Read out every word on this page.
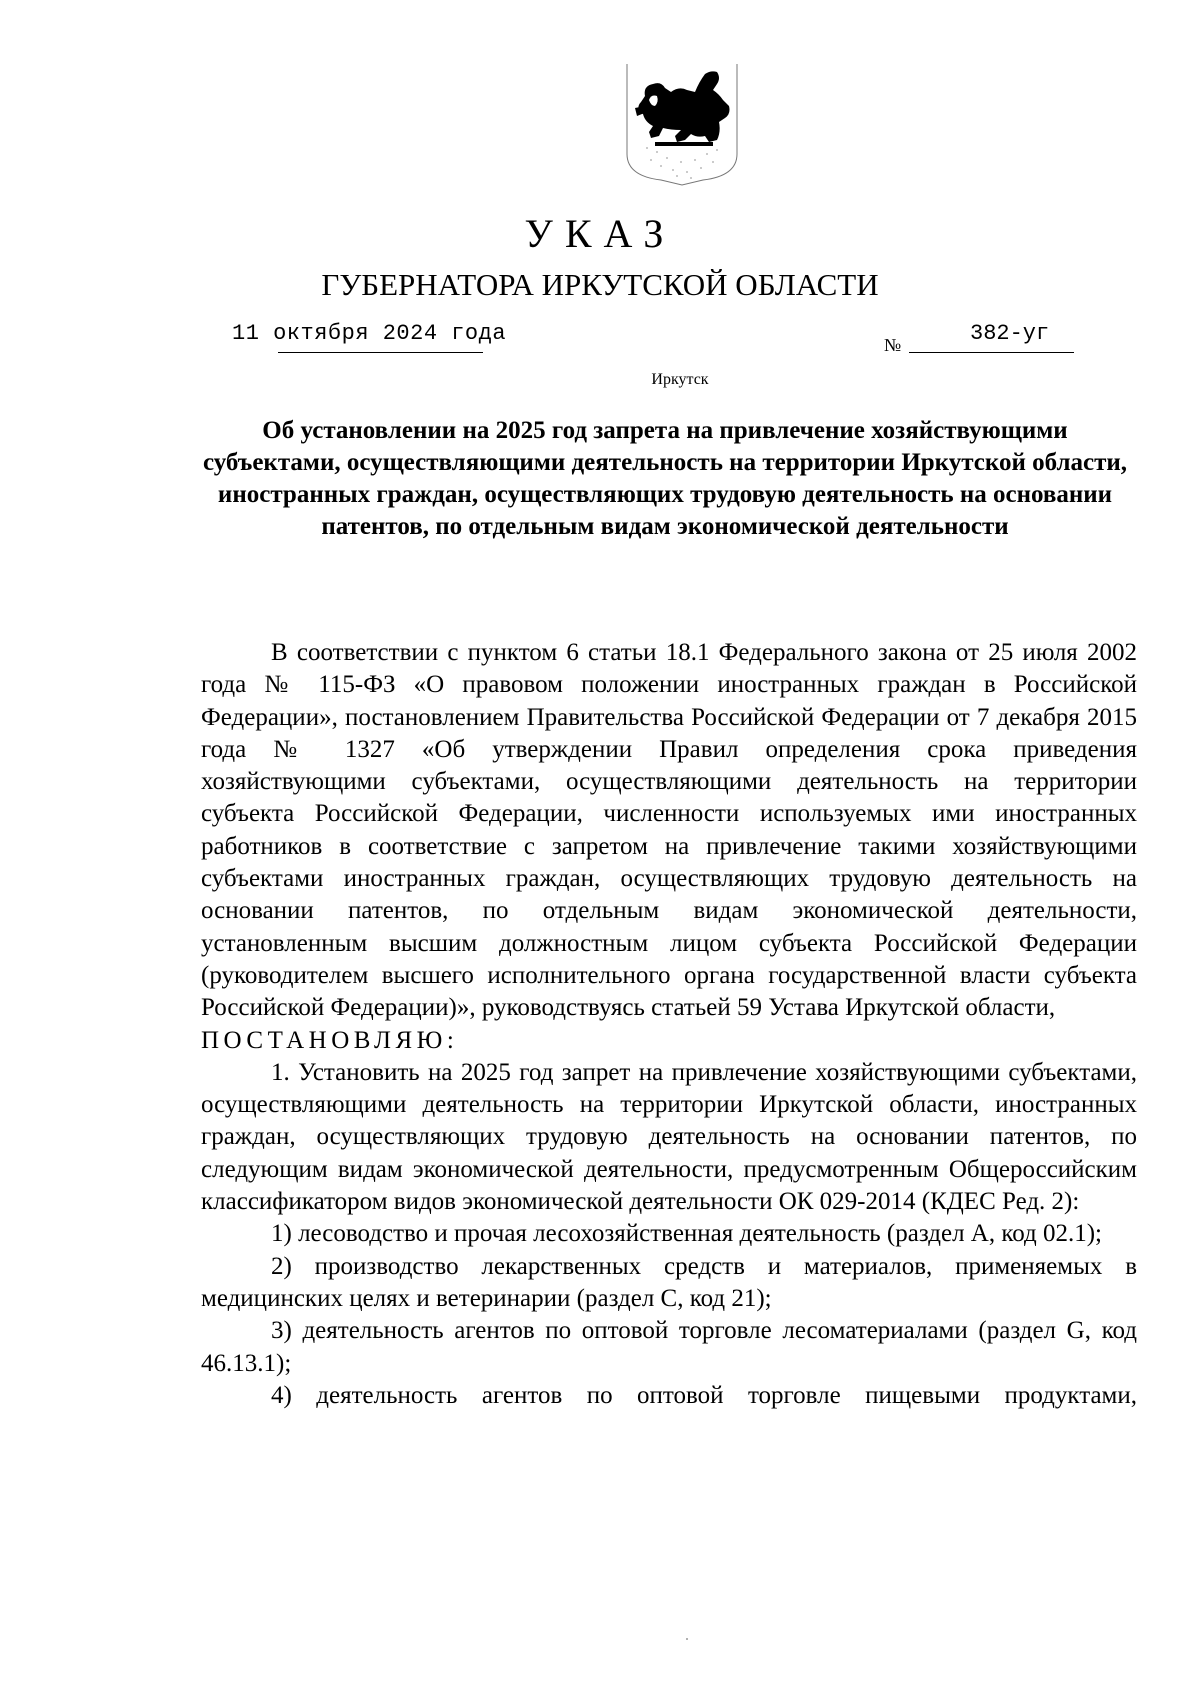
УКАЗ
ГУБЕРНАТОРА ИРКУТСКОЙ ОБЛАСТИ
11 октября 2024 года	№	382-уг
Иркутск
Об установлении на 2025 год запрета на привлечение хозяйствующими субъектами, осуществляющими деятельность на территории Иркутской области, иностранных граждан, осуществляющих трудовую деятельность на основании патентов, по отдельным видам экономической деятельности

В соответствии с пунктом 6 статьи 18.1 Федерального закона от 25 июля 2002 года № 115-ФЗ «О правовом положении иностранных граждан в Российской Федерации», постановлением Правительства Российской Федерации от 7 декабря 2015 года № 1327 «Об утверждении Правил определения срока приведения хозяйствующими субъектами, осуществляющими деятельность на территории субъекта Российской Федерации, численности используемых ими иностранных работников в соответствие с запретом на привлечение такими хозяйствующими субъектами иностранных граждан, осуществляющих трудовую деятельность на основании патентов, по отдельным видам экономической деятельности, установленным высшим должностным лицом субъекта Российской Федерации (руководителем высшего исполнительного органа государственной власти субъекта Российской Федерации)», руководствуясь статьей 59 Устава Иркутской области,

ПОСТАНОВЛЯЮ:

1. Установить на 2025 год запрет на привлечение хозяйствующими субъектами, осуществляющими деятельность на территории Иркутской области, иностранных граждан, осуществляющих трудовую деятельность на основании патентов, по следующим видам экономической деятельности, предусмотренным Общероссийским классификатором видов экономической деятельности ОК 029-2014 (КДЕС Ред. 2):

1) лесоводство и прочая лесохозяйственная деятельность (раздел А, код 02.1);

2) производство лекарственных средств и материалов, применяемых в медицинских целях и ветеринарии (раздел С, код 21);

3) деятельность агентов по оптовой торговле лесоматериалами (раздел G, код 46.13.1);

4) деятельность агентов по оптовой торговле пищевыми продуктами,
